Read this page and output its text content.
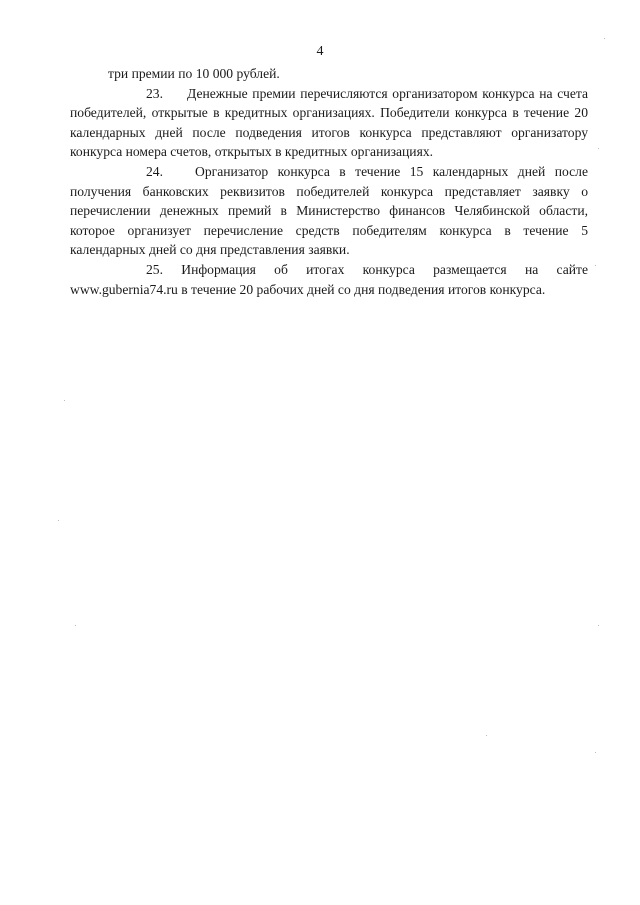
4

три премии по 10 000 рублей.

23. Денежные премии перечисляются организатором конкурса на счета победителей, открытые в кредитных организациях. Победители конкурса в течение 20 календарных дней после подведения итогов конкурса представляют организатору конкурса номера счетов, открытых в кредитных организациях.

24. Организатор конкурса в течение 15 календарных дней после получения банковских реквизитов победителей конкурса представляет заявку о перечислении денежных премий в Министерство финансов Челябинской области, которое организует перечисление средств победителям конкурса в течение 5 календарных дней со дня представления заявки.

25. Информация об итогах конкурса размещается на сайте www.gubernia74.ru в течение 20 рабочих дней со дня подведения итогов конкурса.
